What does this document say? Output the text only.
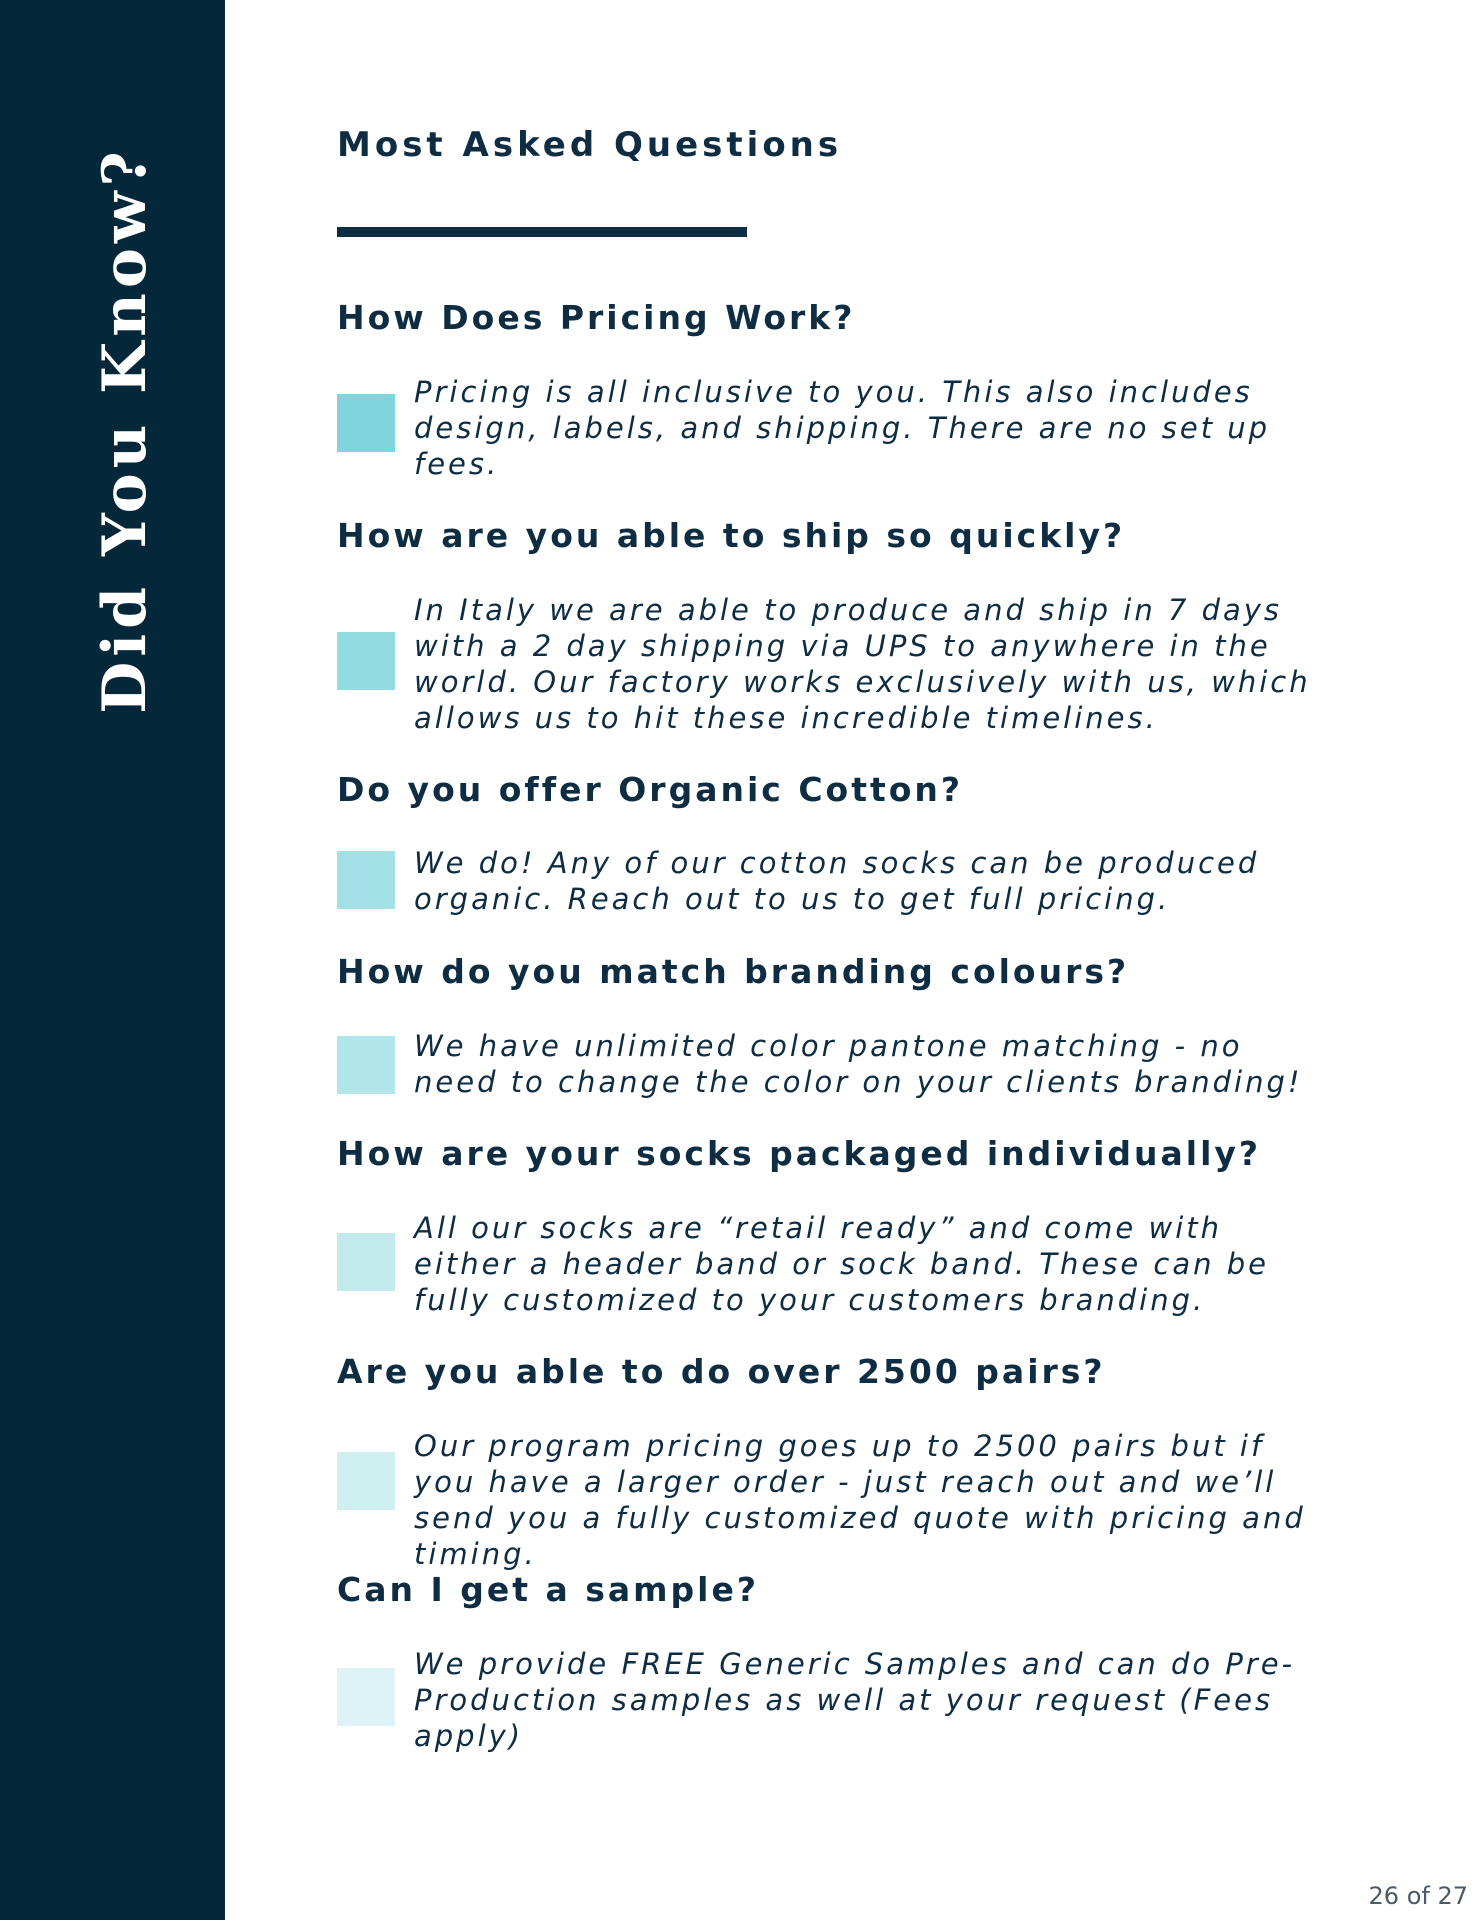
Did You Know?
Most Asked Questions
How Does Pricing Work?

Pricing is all inclusive to you. This also includes design, labels, and shipping. There are no set up fees.

How are you able to ship so quickly?

In Italy we are able to produce and ship in 7 days with a 2 day shipping via UPS to anywhere in the world. Our factory works exclusively with us, which allows us to hit these incredible timelines.

Do you offer Organic Cotton?

We do! Any of our cotton socks can be produced organic. Reach out to us to get full pricing.

How do you match branding colours?

We have unlimited color pantone matching - no need to change the color on your clients branding!

How are your socks packaged individually?

All our socks are “retail ready” and come with either a header band or sock band. These can be fully customized to your customers branding.

Are you able to do over 2500 pairs?

Our program pricing goes up to 2500 pairs but if you have a larger order - just reach out and we’ll send you a fully customized quote with pricing and timing.

Can I get a sample?

We provide FREE Generic Samples and can do Pre-Production samples as well at your request (Fees apply)

26 of 27
